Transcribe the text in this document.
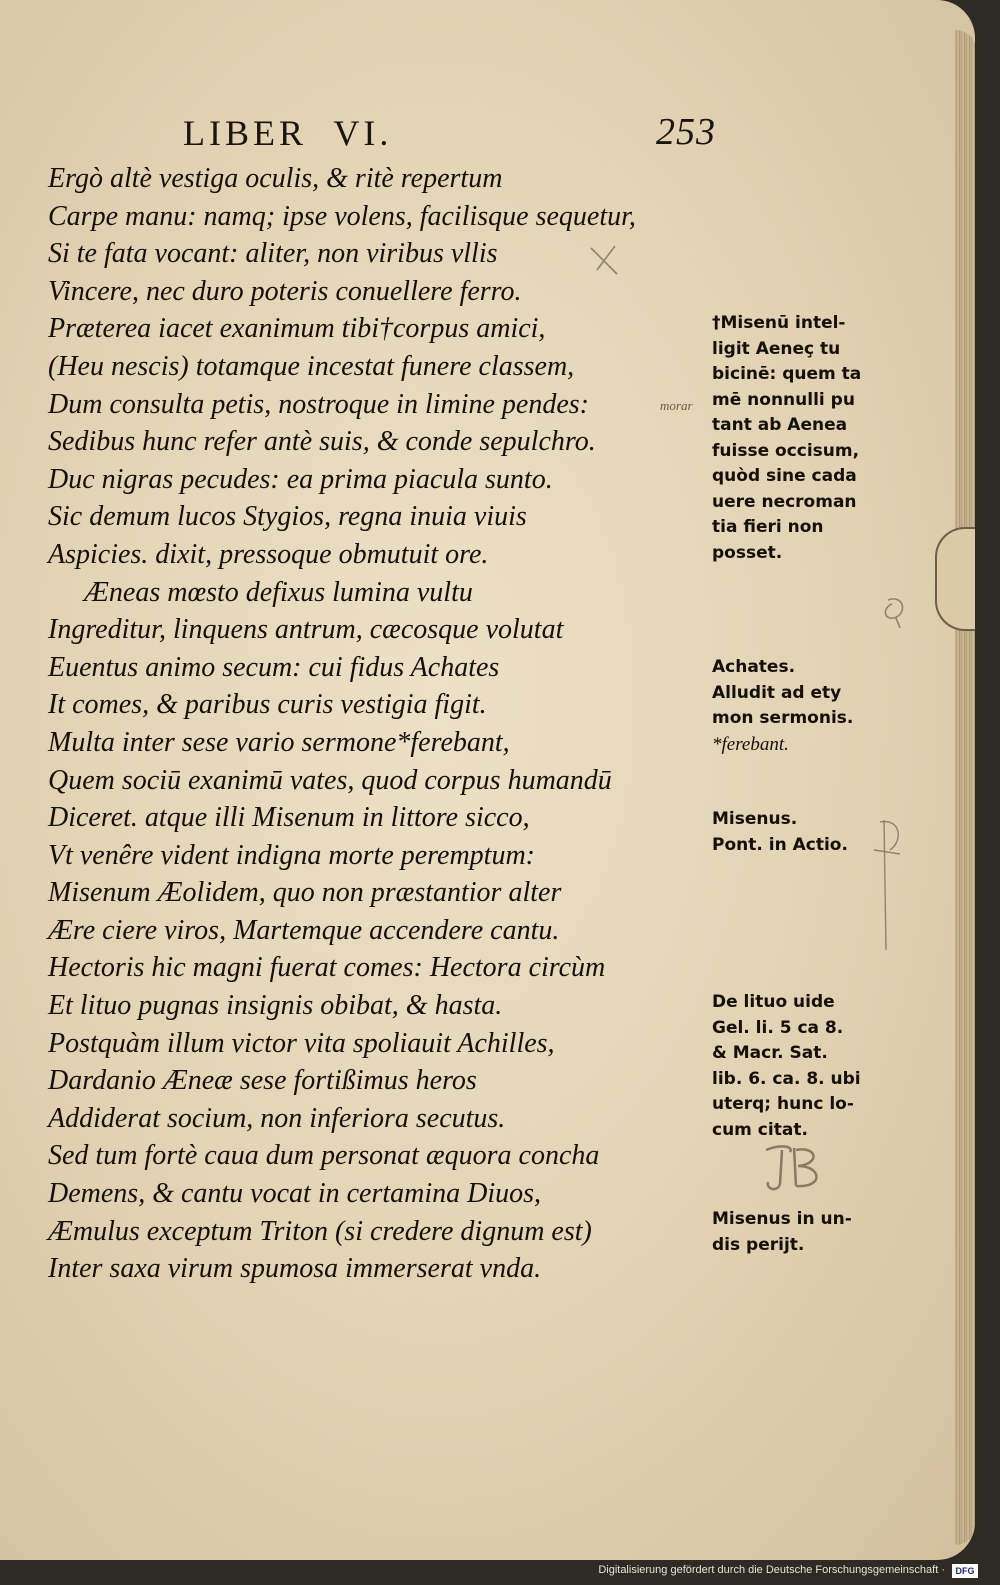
LIBER VI.	253
Ergò altè vestiga oculis, & ritè repertum
Carpe manu: namq; ipse volens, facilisque sequetur,
Si te fata vocant: aliter, non viribus vllis
Vincere, nec duro poteris conuellere ferro.
Præterea iacet exanimum tibi†corpus amici,
(Heu nescis) totamque incestat funere classem,
Dum consulta petis, nostroque in limine pendes:
Sedibus hunc refer antè suis, & conde sepulchro.
Duc nigras pecudes: ea prima piacula sunto.
Sic demum lucos Stygios, regna inuia viuis
Aspicies. dixit, pressoque obmutuit ore.
Æneas mœsto defixus lumina vultu
Ingreditur, linquens antrum, cæcosque volutat
Euentus animo secum: cui fidus Achates
It comes, & paribus curis vestigia figit.
Multa inter sese vario sermone*ferebant,
Quem sociū exanimū vates, quod corpus humandū
Diceret. atque illi Misenum in littore sicco,
Vt venêre vident indigna morte peremptum:
Misenum Æolidem, quo non præstantior alter
Ære ciere viros, Martemque accendere cantu.
Hectoris hic magni fuerat comes: Hectora circùm
Et lituo pugnas insignis obibat, & hasta.
Postquàm illum victor vita spoliauit Achilles,
Dardanio Æneæ sese fortißimus heros
Addiderat socium, non inferiora secutus.
Sed tum fortè caua dum personat æquora concha
Demens, & cantu vocat in certamina Diuos,
Æmulus exceptum Triton (si credere dignum est)
Inter saxa virum spumosa immerserat vnda.
morar
†Misenū intel-
ligit Aeneç tu
bicinē: quem ta
mē nonnulli pu
tant ab Aenea
fuisse occisum,
quòd sine cada
uere necroman
tia fieri non
posset.
Achates.
Alludit ad ety
mon sermonis.
*ferebant.
Misenus.
Pont. in Actio.
De lituo uide
Gel. li. 5 ca 8.
& Macr. Sat.
lib. 6. ca. 8. ubi
uterq; hunc lo-
cum citat.
Misenus in un-
dis perijt.
Digitalisierung gefördert durch die Deutsche Forschungsgemeinschaft ·	DFG
